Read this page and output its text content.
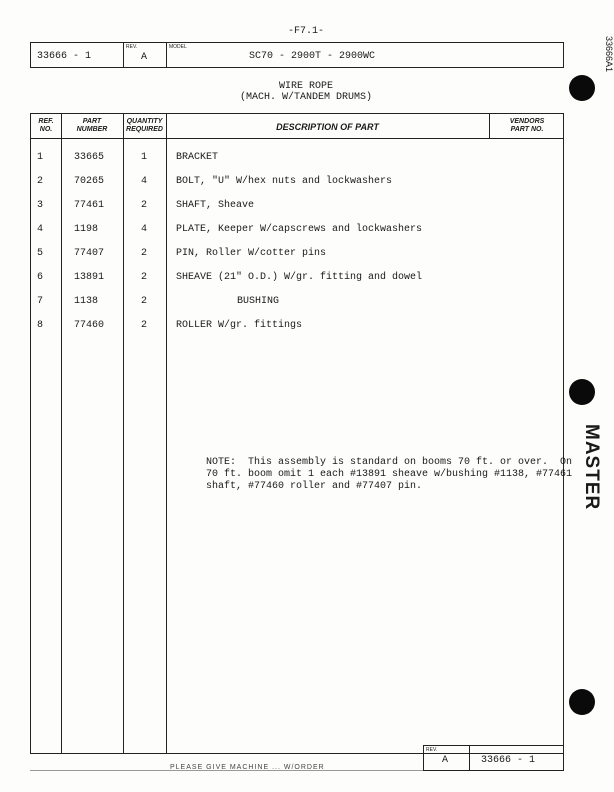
-F7.1-
33666A1
MASTER
33666 - 1
REV.
A
MODEL
SC70 - 2900T - 2900WC
WIRE ROPE
(MACH. W/TANDEM DRUMS)
REF.
NO.
PART
NUMBER
QUANTITY
REQUIRED	DESCRIPTION OF PART
VENDORS
PART NO.
1	33665	1	BRACKET
2	70265	4	BOLT, "U" W/hex nuts and lockwashers
3	77461	2	SHAFT, Sheave
4	1198	4	PLATE, Keeper W/capscrews and lockwashers
5	77407	2	PIN, Roller W/cotter pins
6	13891	2	SHEAVE (21" O.D.) W/gr. fitting and dowel
7	1138	2	BUSHING
8	77460	2	ROLLER W/gr. fittings
NOTE:  This assembly is standard on booms 70 ft. or over.  On
70 ft. boom omit 1 each #13891 sheave w/bushing #1138, #77461
shaft, #77460 roller and #77407 pin.
PLEASE GIVE MACHINE ... W/ORDER
REV.
A	33666 - 1
